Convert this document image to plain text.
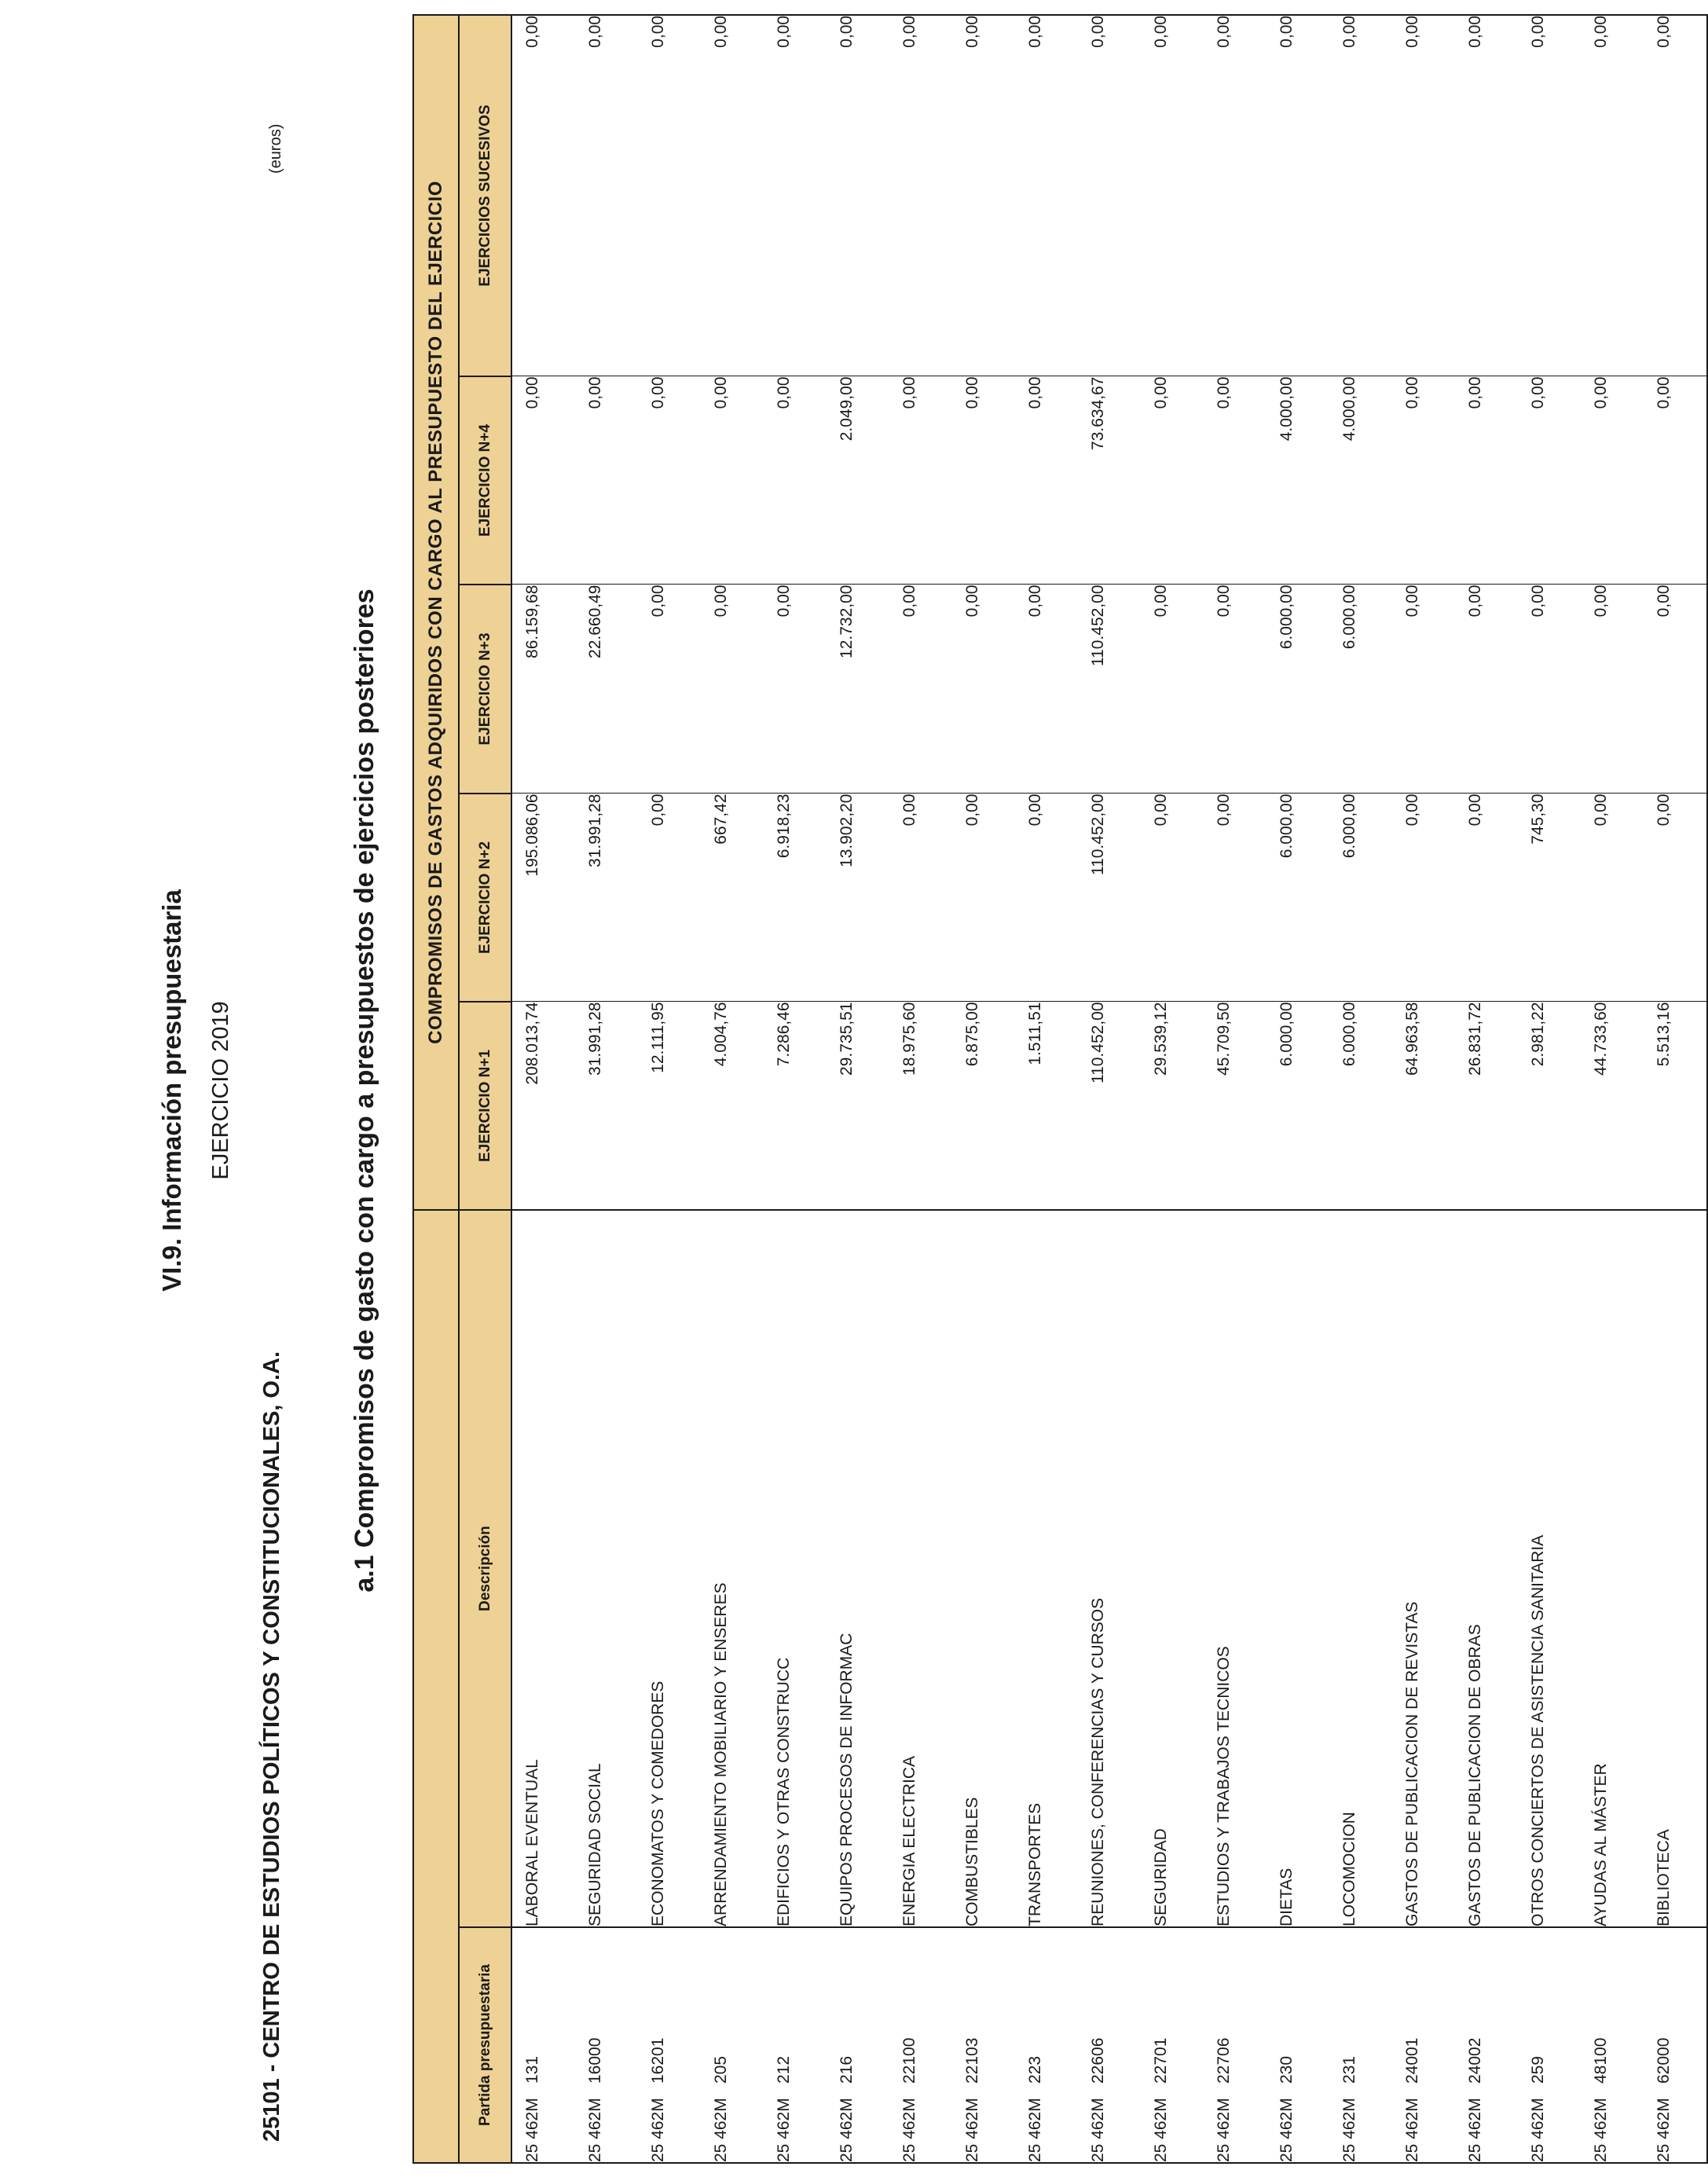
VI.9. Información presupuestaria EJERCICIO 2019
25101 - CENTRO DE ESTUDIOS POLÍTICOS Y CONSTITUCIONALES, O.A.
a.1 Compromisos de gasto con cargo a presupuestos de ejercicios posteriores
(euros)
		COMPROMISOS DE GASTOS ADQUIRIDOS CON CARGO AL PRESUPUESTO DEL EJERCICIO				
Partida presupuestaria	Descripción	EJERCICIO N+1	EJERCICIO N+2	EJERCICIO N+3	EJERCICIO N+4	EJERCICIOS SUCESIVOS
25 462M131	LABORAL EVENTUAL	208.013,74	195.086,06	86.159,68	0,00	0,00
25 462M16000	SEGURIDAD SOCIAL	31.991,28	31.991,28	22.660,49	0,00	0,00
25 462M16201	ECONOMATOS Y COMEDORES	12.111,95	0,00	0,00	0,00	0,00
25 462M205	ARRENDAMIENTO MOBILIARIO Y ENSERES	4.004,76	667,42	0,00	0,00	0,00
25 462M212	EDIFICIOS Y OTRAS CONSTRUCC	7.286,46	6.918,23	0,00	0,00	0,00
25 462M216	EQUIPOS PROCESOS DE INFORMAC	29.735,51	13.902,20	12.732,00	2.049,00	0,00
25 462M22100	ENERGIA ELECTRICA	18.975,60	0,00	0,00	0,00	0,00
25 462M22103	COMBUSTIBLES	6.875,00	0,00	0,00	0,00	0,00
25 462M223	TRANSPORTES	1.511,51	0,00	0,00	0,00	0,00
25 462M22606	REUNIONES, CONFERENCIAS Y CURSOS	110.452,00	110.452,00	110.452,00	73.634,67	0,00
25 462M22701	SEGURIDAD	29.539,12	0,00	0,00	0,00	0,00
25 462M22706	ESTUDIOS Y TRABAJOS TECNICOS	45.709,50	0,00	0,00	0,00	0,00
25 462M230	DIETAS	6.000,00	6.000,00	6.000,00	4.000,00	0,00
25 462M231	LOCOMOCION	6.000,00	6.000,00	6.000,00	4.000,00	0,00
25 462M24001	GASTOS DE PUBLICACION DE REVISTAS	64.963,58	0,00	0,00	0,00	0,00
25 462M24002	GASTOS DE PUBLICACION DE OBRAS	26.831,72	0,00	0,00	0,00	0,00
25 462M259	OTROS CONCIERTOS DE ASISTENCIA SANITARIA	2.981,22	745,30	0,00	0,00	0,00
25 462M48100	AYUDAS AL MÁSTER	44.733,60	0,00	0,00	0,00	0,00
25 462M62000	BIBLIOTECA	5.513,16	0,00	0,00	0,00	0,00
